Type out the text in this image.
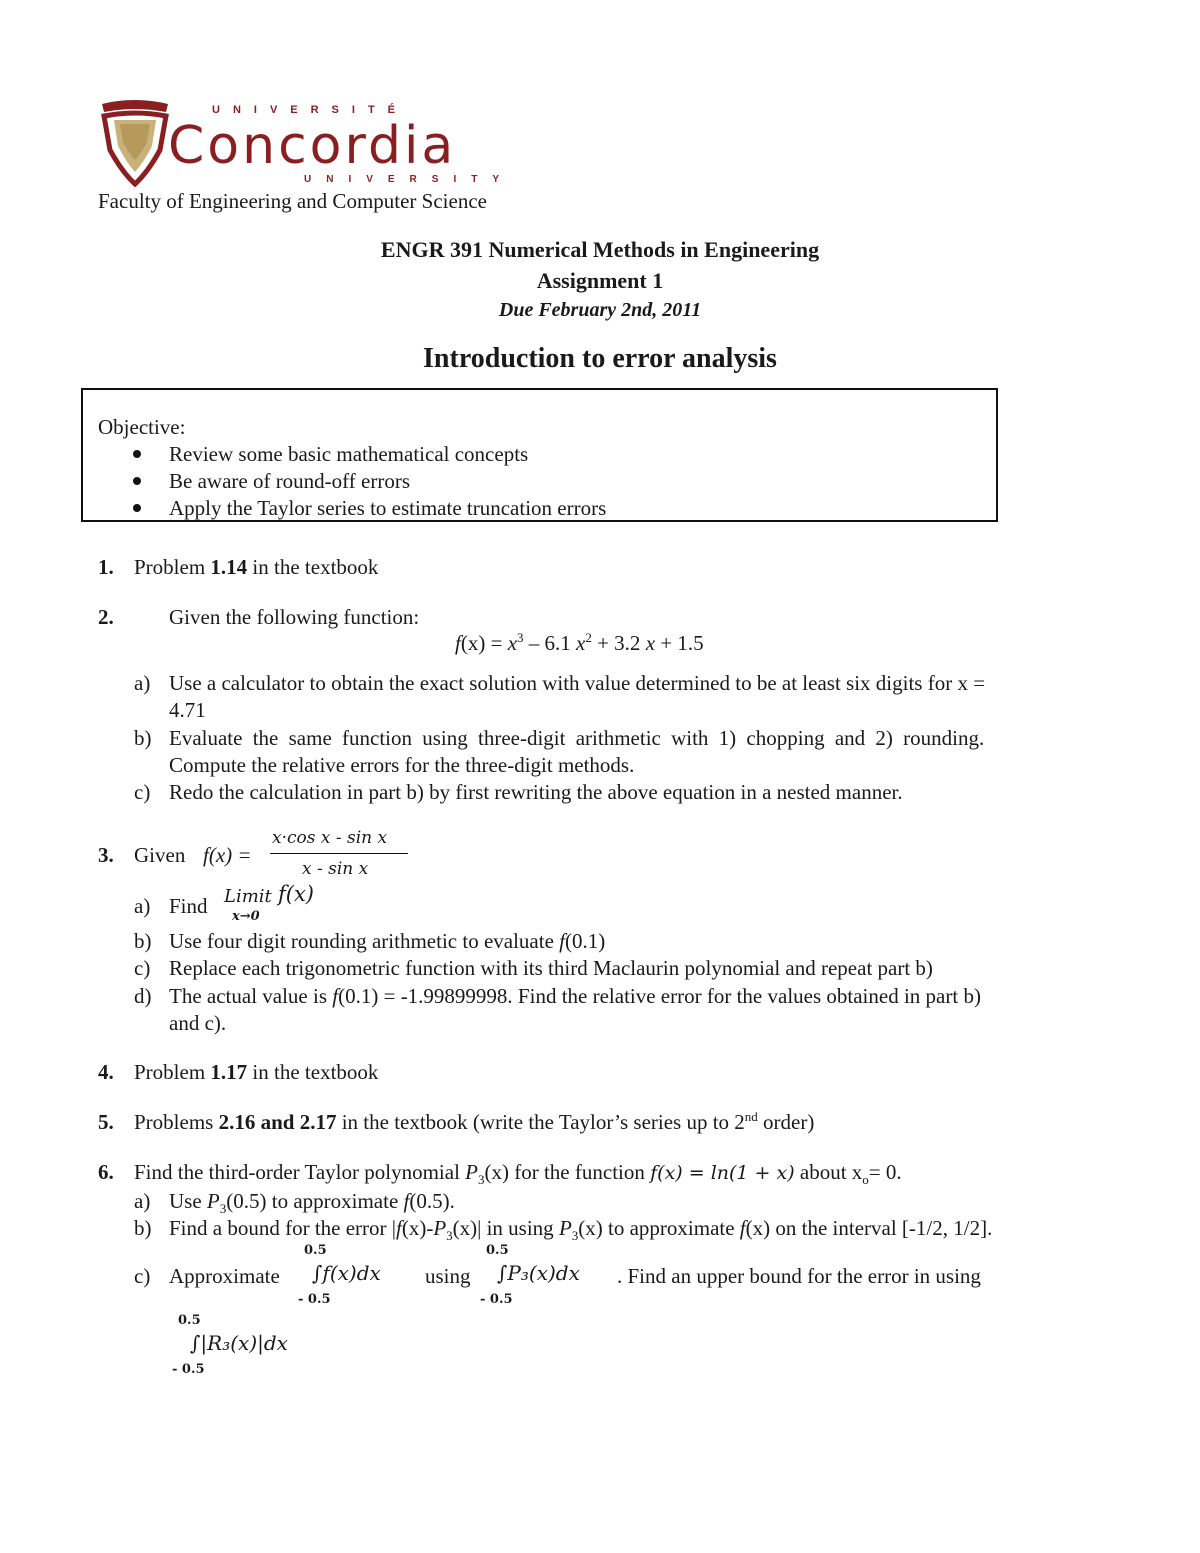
UNIVERSITÉ
Concordia
UNIVERSITY
Faculty of Engineering and Computer Science
ENGR 391 Numerical Methods in Engineering
Assignment 1
Due February 2nd, 2011
Introduction to error analysis
Objective:
Review some basic mathematical concepts
Be aware of round-off errors
Apply the Taylor series to estimate truncation errors
1. Problem 1.14 in the textbook
2.	Given the following function:
$f(x) = x^3 - 6.1$ $x^2 + 3.2$ x + 1.5
a) Use a calculator to obtain the exact solution with value determined to be at least six digits for x =
4.71
b) Evaluate the same function using three-digit arithmetic with 1) chopping and 2) rounding.
Compute the relative errors for the three-digit methods.
c) Redo the calculation in part b) by first rewriting the above equation in a nested manner.
3. Given f(x) =
x·cos x - sin x
x - sin x
a) Find Limit f(x)
x→0
b) Use four digit rounding arithmetic to evaluate f(0.1)
c) Replace each trigonometric function with its third Maclaurin polynomial and repeat part b)
d) The actual value is f(0.1) = -1.99899998. Find the relative error for the values obtained in part b)
and c).
4. Problem 1.17 in the textbook
5. Problems 2.16 and 2.17 in the textbook (write the Taylor’s series up to 2nd order)
6. Find the third-order Taylor polynomial $P_3(x)$ for the function f(x) = ln(1 + x) about $x_o= 0$.
a) Use $P_3(0.5)$ to approximate f(0.5).
b) Find a bound for the error $|f(x)-P_3(x)|$ in using $P_3(x)$ to approximate f(x) on the interval [-1/2, 1/2].
c) Approximate
0.5
∫f(x)dx
- 0.5
using
0.5
∫P₃(x)dx
- 0.5
. Find an upper bound for the error in using
0.5
∫|R₃(x)|dx
- 0.5
